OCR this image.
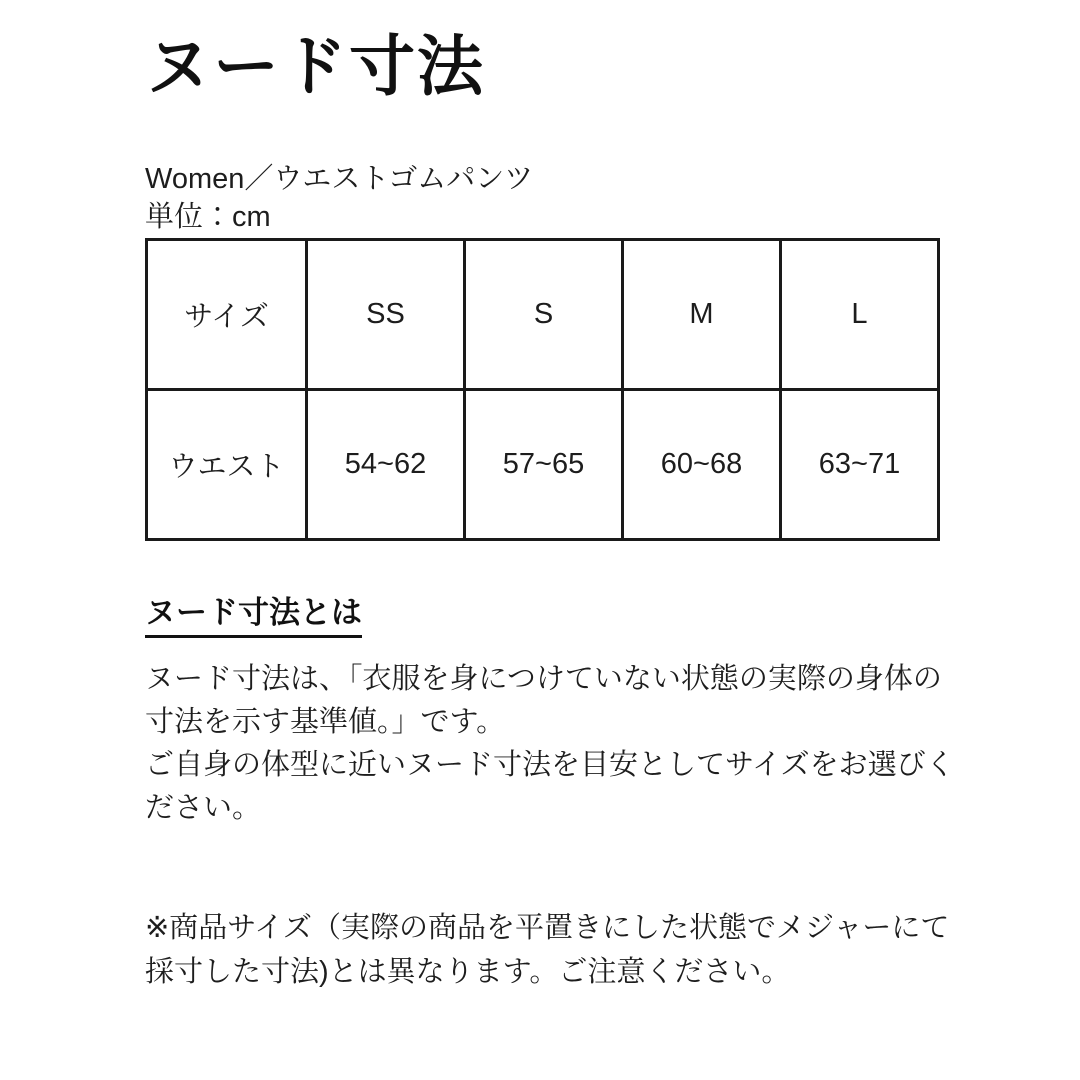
ヌード寸法
Women／ウエストゴムパンツ
単位：cm
サイズ	SS	S	M	L
ウエスト	54~62	57~65	60~68	63~71
ヌード寸法とは

ヌード寸法は、「衣服を身につけていない状態の実際の身体の寸法を示す基準値。」です。

ご自身の体型に近いヌード寸法を目安としてサイズをお選びください。

※商品サイズ（実際の商品を平置きにした状態でメジャーにて採寸した寸法)とは異なります。ご注意ください。
